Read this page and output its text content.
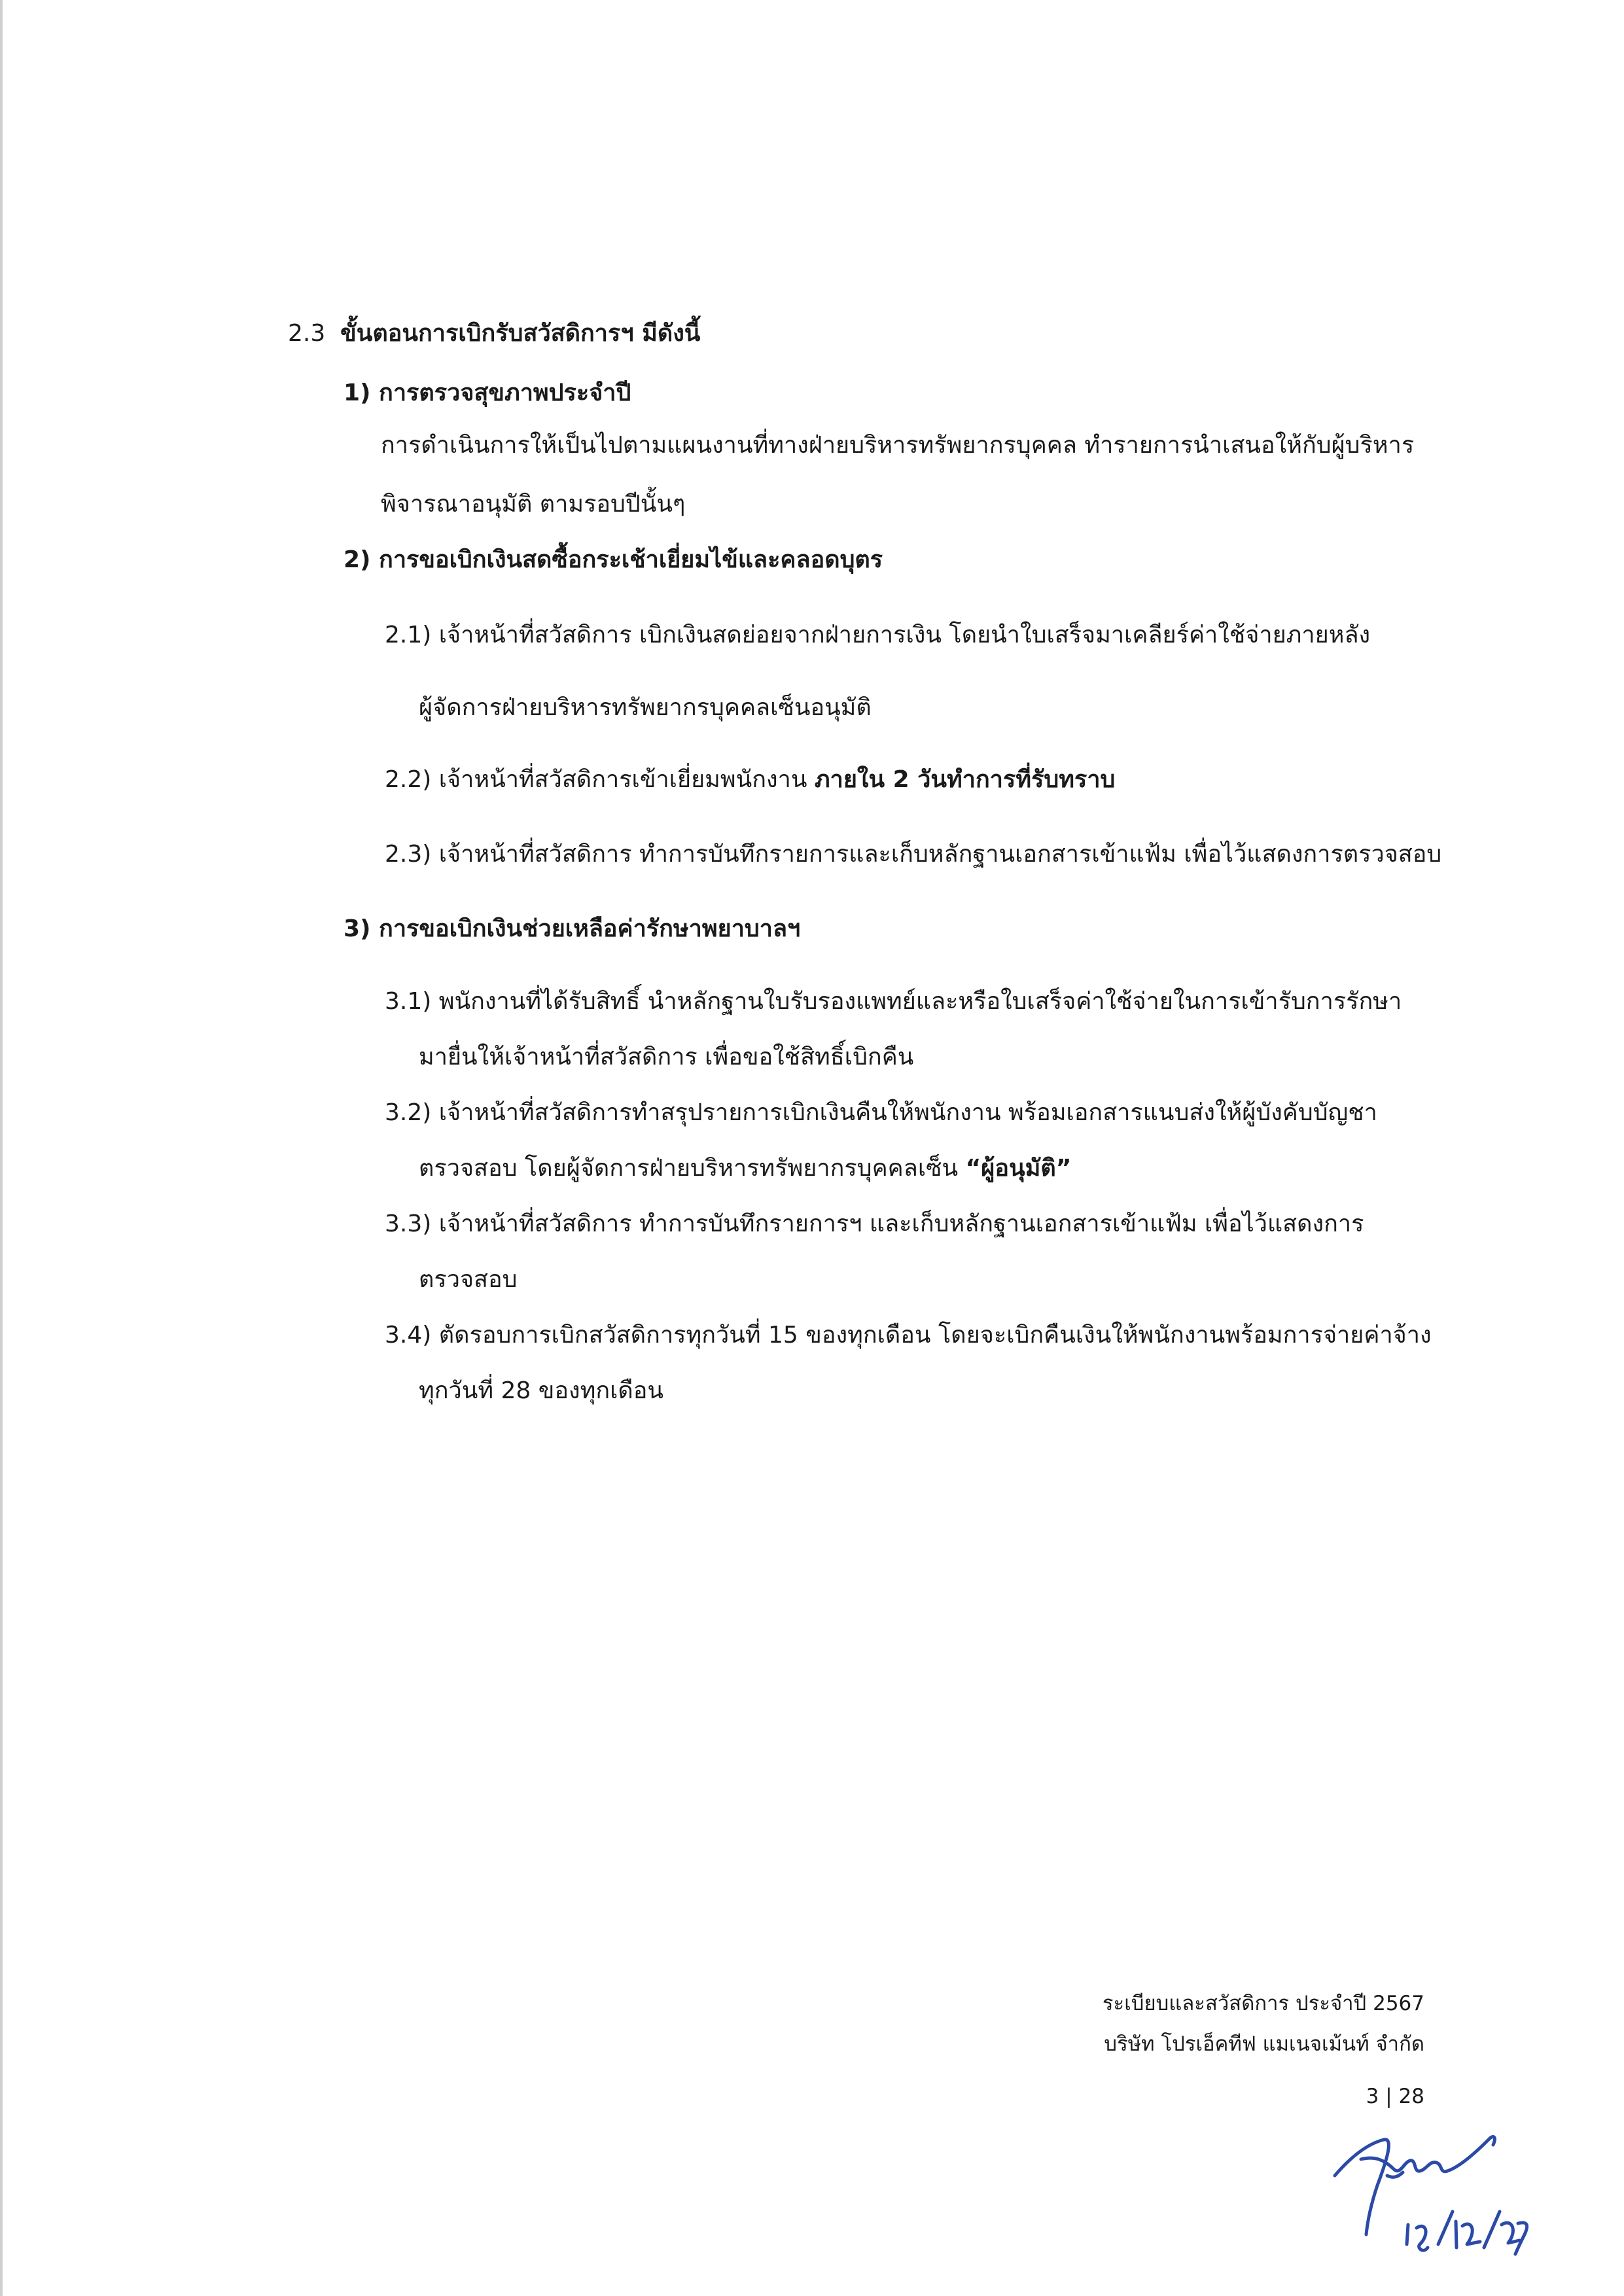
2.3 ขั้นตอนการเบิกรับสวัสดิการฯ มีดังนี้
1) การตรวจสุขภาพประจำปี
การดำเนินการให้เป็นไปตามแผนงานที่ทางฝ่ายบริหารทรัพยากรบุคคล ทำรายการนำเสนอให้กับผู้บริหาร
พิจารณาอนุมัติ ตามรอบปีนั้นๆ
2) การขอเบิกเงินสดซื้อกระเช้าเยี่ยมไข้และคลอดบุตร
2.1) เจ้าหน้าที่สวัสดิการ เบิกเงินสดย่อยจากฝ่ายการเงิน โดยนำใบเสร็จมาเคลียร์ค่าใช้จ่ายภายหลัง
ผู้จัดการฝ่ายบริหารทรัพยากรบุคคลเซ็นอนุมัติ
2.2) เจ้าหน้าที่สวัสดิการเข้าเยี่ยมพนักงาน ภายใน 2 วันทำการที่รับทราบ
2.3) เจ้าหน้าที่สวัสดิการ ทำการบันทึกรายการและเก็บหลักฐานเอกสารเข้าแฟ้ม เพื่อไว้แสดงการตรวจสอบ
3) การขอเบิกเงินช่วยเหลือค่ารักษาพยาบาลฯ
3.1) พนักงานที่ได้รับสิทธิ์ นำหลักฐานใบรับรองแพทย์และหรือใบเสร็จค่าใช้จ่ายในการเข้ารับการรักษา
มายื่นให้เจ้าหน้าที่สวัสดิการ เพื่อขอใช้สิทธิ์เบิกคืน
3.2) เจ้าหน้าที่สวัสดิการทำสรุปรายการเบิกเงินคืนให้พนักงาน พร้อมเอกสารแนบส่งให้ผู้บังคับบัญชา
ตรวจสอบ โดยผู้จัดการฝ่ายบริหารทรัพยากรบุคคลเซ็น “ผู้อนุมัติ”
3.3) เจ้าหน้าที่สวัสดิการ ทำการบันทึกรายการฯ และเก็บหลักฐานเอกสารเข้าแฟ้ม เพื่อไว้แสดงการ
ตรวจสอบ
3.4) ตัดรอบการเบิกสวัสดิการทุกวันที่ 15 ของทุกเดือน โดยจะเบิกคืนเงินให้พนักงานพร้อมการจ่ายค่าจ้าง
ทุกวันที่ 28 ของทุกเดือน
ระเบียบและสวัสดิการ ประจำปี 2567
บริษัท โปรเอ็คทีฟ แมเนจเม้นท์ จำกัด
3 | 28
